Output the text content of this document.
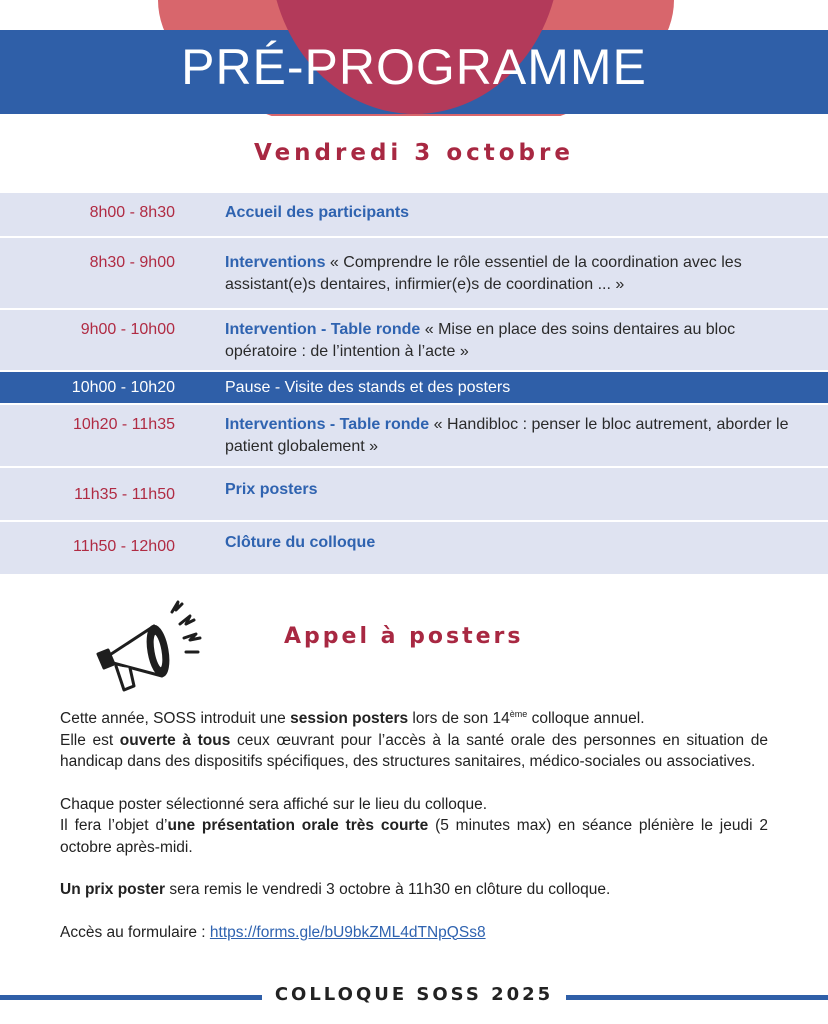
PRÉ-PROGRAMME
Vendredi 3 octobre
8h00 - 8h30	Accueil des participants
8h30 - 9h00	Interventions « Comprendre le rôle essentiel de la coordination avec les assistant(e)s dentaires, infirmier(e)s de coordination ... »
9h00 - 10h00	Intervention - Table ronde « Mise en place des soins dentaires au bloc opératoire : de l’intention à l’acte »
10h00 - 10h20	Pause - Visite des stands et des posters
10h20 - 11h35	Interventions - Table ronde « Handibloc : penser le bloc autrement, aborder le patient globalement »
11h35 - 11h50	Prix posters
11h50 - 12h00	Clôture du colloque
Appel à posters

Cette année, SOSS introduit une session posters lors de son 14ème colloque annuel.
Elle est ouverte à tous ceux œuvrant pour l’accès à la santé orale des personnes en situation de handicap dans des dispositifs spécifiques, des structures sanitaires, médico-sociales ou associatives.

Chaque poster sélectionné sera affiché sur le lieu du colloque.
Il fera l’objet d’une présentation orale très courte (5 minutes max) en séance plénière le jeudi 2 octobre après-midi.

Un prix poster sera remis le vendredi 3 octobre à 11h30 en clôture du colloque.

Accès au formulaire : https://forms.gle/bU9bkZML4dTNpQSs8

COLLOQUE SOSS 2025
